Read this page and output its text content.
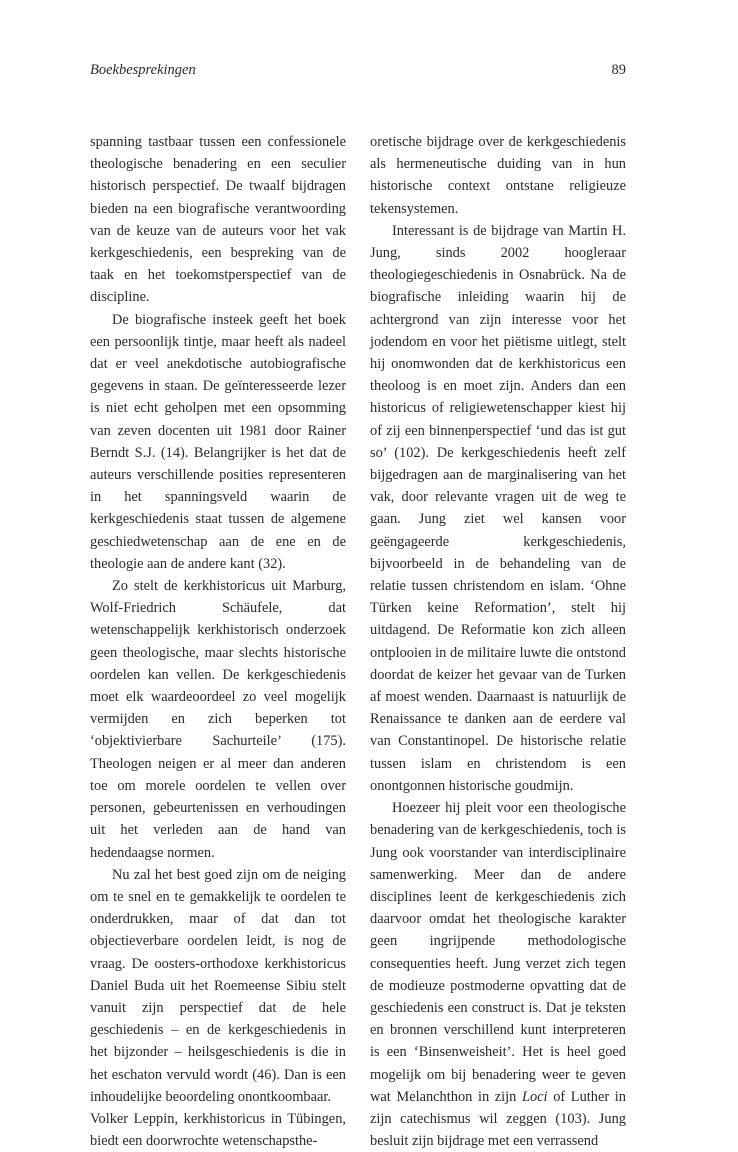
Boekbesprekingen	89

spanning tastbaar tussen een confessionele theologische benadering en een seculier historisch perspectief. De twaalf bijdragen bieden na een biografische verantwoording van de keuze van de auteurs voor het vak kerkgeschiedenis, een bespreking van de taak en het toekomstperspectief van de discipline.

De biografische insteek geeft het boek een persoonlijk tintje, maar heeft als nadeel dat er veel anekdotische autobiografische gegevens in staan. De geïnteresseerde lezer is niet echt geholpen met een opsomming van zeven docenten uit 1981 door Rainer Berndt S.J. (14). Belangrijker is het dat de auteurs verschillende posities representeren in het spanningsveld waarin de kerkgeschiedenis staat tussen de algemene geschiedwetenschap aan de ene en de theologie aan de andere kant (32).

Zo stelt de kerkhistoricus uit Marburg, Wolf-Friedrich Schäufele, dat wetenschappelijk kerkhistorisch onderzoek geen theologische, maar slechts historische oordelen kan vellen. De kerkgeschiedenis moet elk waardeoordeel zo veel mogelijk vermijden en zich beperken tot ‘objektivierbare Sachurteile’ (175). Theologen neigen er al meer dan anderen toe om morele oordelen te vellen over personen, gebeurtenissen en verhoudingen uit het verleden aan de hand van hedendaagse normen.

Nu zal het best goed zijn om de neiging om te snel en te gemakkelijk te oordelen te onderdrukken, maar of dat dan tot objectieverbare oordelen leidt, is nog de vraag. De oosters-orthodoxe kerkhistoricus Daniel Buda uit het Roemeense Sibiu stelt vanuit zijn perspectief dat de hele geschiedenis – en de kerkgeschiedenis in het bijzonder – heilsgeschiedenis is die in het eschaton vervuld wordt (46). Dan is een inhoudelijke beoordeling onontkoombaar.

Volker Leppin, kerkhistoricus in Tübingen, biedt een doorwrochte wetenschapsthe-

oretische bijdrage over de kerkgeschiedenis als hermeneutische duiding van in hun historische context ontstane religieuze tekensystemen.

Interessant is de bijdrage van Martin H. Jung, sinds 2002 hoogleraar theologiegeschiedenis in Osnabrück. Na de biografische inleiding waarin hij de achtergrond van zijn interesse voor het jodendom en voor het piëtisme uitlegt, stelt hij onomwonden dat de kerkhistoricus een theoloog is en moet zijn. Anders dan een historicus of religiewetenschapper kiest hij of zij een binnenperspectief ‘und das ist gut so’ (102). De kerkgeschiedenis heeft zelf bijgedragen aan de marginalisering van het vak, door relevante vragen uit de weg te gaan. Jung ziet wel kansen voor geëngageerde kerkgeschiedenis, bijvoorbeeld in de behandeling van de relatie tussen christendom en islam. ‘Ohne Türken keine Reformation’, stelt hij uitdagend. De Reformatie kon zich alleen ontplooien in de militaire luwte die ontstond doordat de keizer het gevaar van de Turken af moest wenden. Daarnaast is natuurlijk de Renaissance te danken aan de eerdere val van Constantinopel. De historische relatie tussen islam en christendom is een onontgonnen historische goudmijn.

Hoezeer hij pleit voor een theologische benadering van de kerkgeschiedenis, toch is Jung ook voorstander van interdisciplinaire samenwerking. Meer dan de andere disciplines leent de kerkgeschiedenis zich daarvoor omdat het theologische karakter geen ingrijpende methodologische consequenties heeft. Jung verzet zich tegen de modieuze postmoderne opvatting dat de geschiedenis een construct is. Dat je teksten en bronnen verschillend kunt interpreteren is een ‘Binsenweisheit’. Het is heel goed mogelijk om bij benadering weer te geven wat Melanchthon in zijn Loci of Luther in zijn catechismus wil zeggen (103). Jung besluit zijn bijdrage met een verrassend
